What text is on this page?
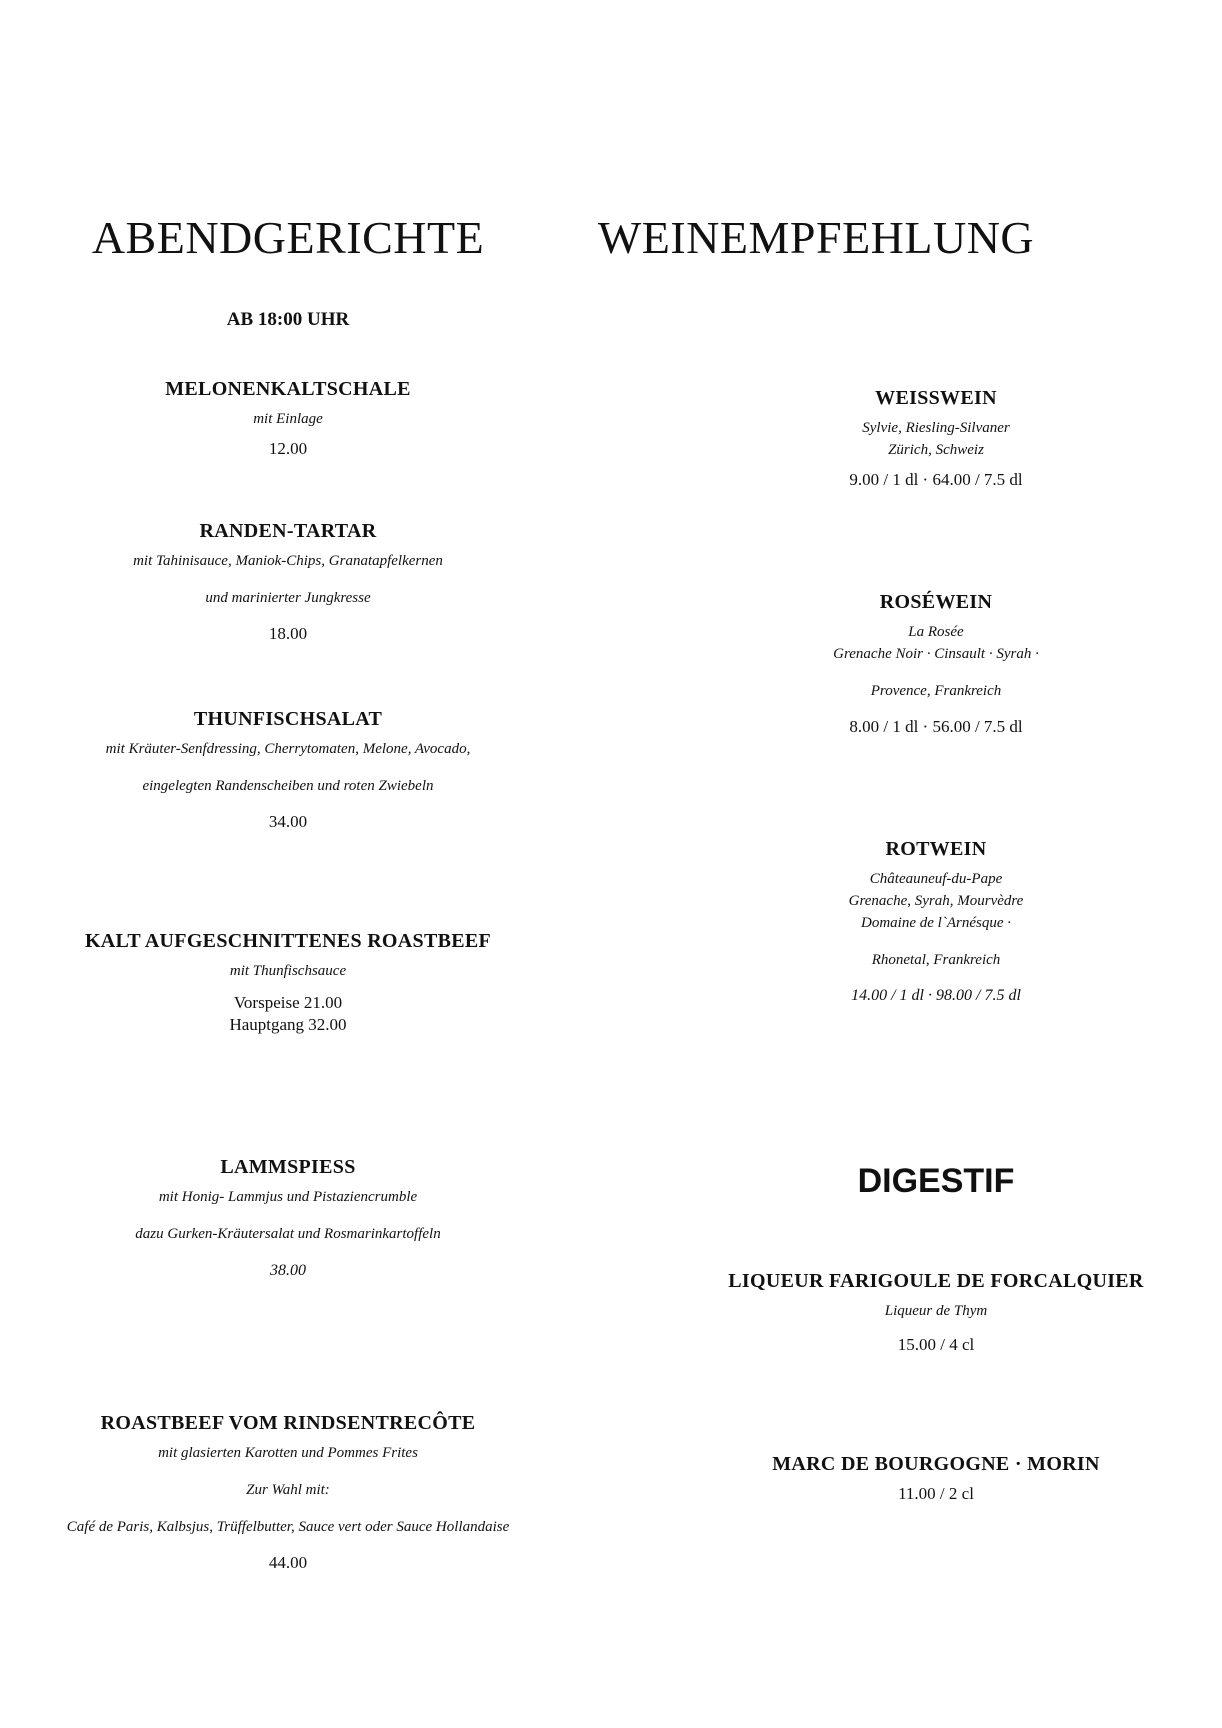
ABENDGERICHTE
AB 18:00 UHR
MELONENKALTSCHALE
mit Einlage
12.00
RANDEN-TARTAR
mit Tahinisauce, Maniok-Chips, Granatapfelkernen
und marinierter Jungkresse
18.00
THUNFISCHSALAT
mit Kräuter-Senfdressing, Cherrytomaten, Melone, Avocado,
eingelegten Randenscheiben und roten Zwiebeln
34.00
KALT AUFGESCHNITTENES ROASTBEEF
mit Thunfischsauce
Vorspeise 21.00
Hauptgang 32.00
LAMMSPIESS
mit Honig- Lammjus und Pistaziencrumble
dazu Gurken-Kräutersalat und Rosmarinkartoffeln
38.00
ROASTBEEF VOM RINDSENTRECÔTE
mit glasierten Karotten und Pommes Frites
Zur Wahl mit:
Café de Paris, Kalbsjus, Trüffelbutter, Sauce vert oder Sauce Hollandaise
44.00
WEINEMPFEHLUNG
WEISSWEIN
Sylvie, Riesling-Silvaner
Zürich, Schweiz
9.00 / 1 dl · 64.00 / 7.5 dl
ROSÉWEIN
La Rosée
Grenache Noir · Cinsault · Syrah ·
Provence, Frankreich
8.00 / 1 dl · 56.00 / 7.5 dl
ROTWEIN
Châteauneuf-du-Pape
Grenache, Syrah, Mourvèdre
Domaine de l`Arnésque ·
Rhonetal, Frankreich
14.00 / 1 dl · 98.00 / 7.5 dl
DIGESTIF
LIQUEUR FARIGOULE DE FORCALQUIER
Liqueur de Thym
15.00 / 4 cl
MARC DE BOURGOGNE · MORIN
11.00 / 2 cl
